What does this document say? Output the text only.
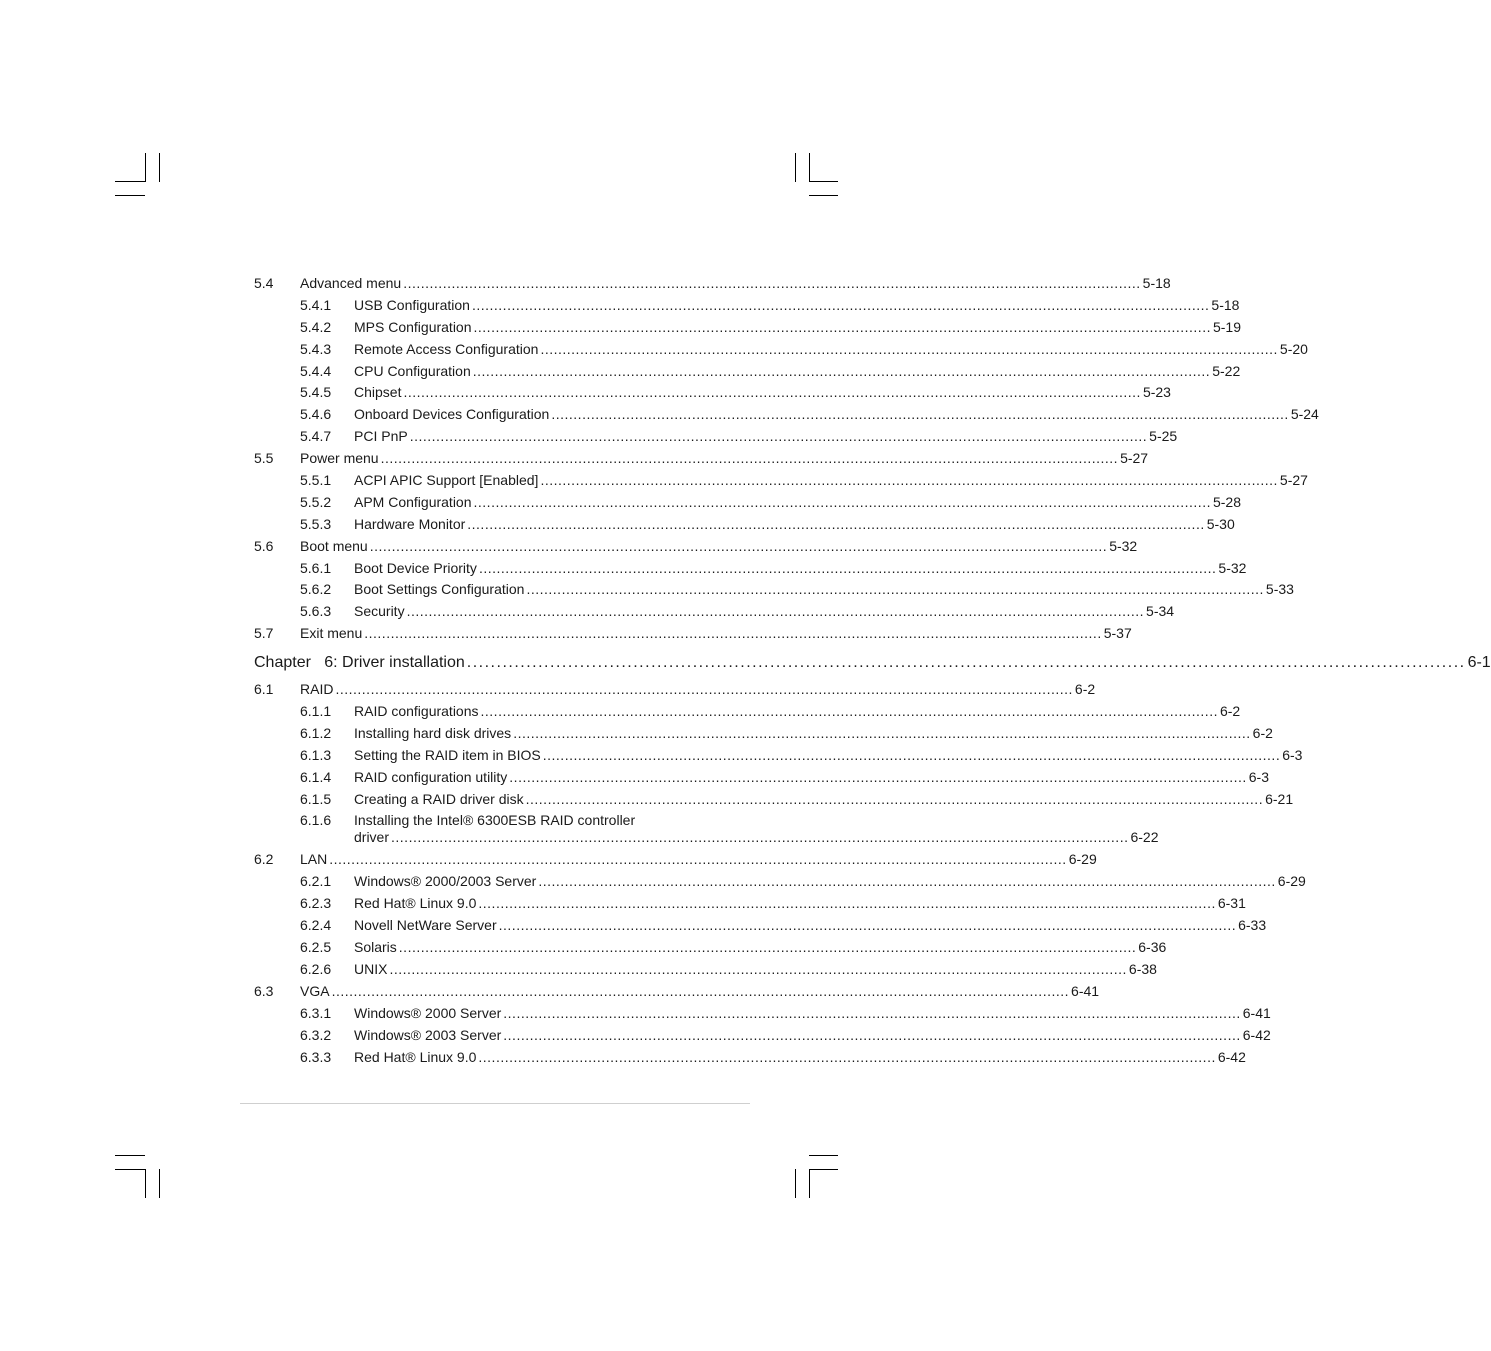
5.4	Advanced menu .....	5-18
5.4.1	USB Configuration .....	5-18
5.4.2	MPS Configuration .....	5-19
5.4.3	Remote Access Configuration .....	5-20
5.4.4	CPU Configuration .....	5-22
5.4.5	Chipset .....	5-23
5.4.6	Onboard Devices Configuration .....	5-24
5.4.7	PCI PnP .....	5-25
5.5	Power menu .....	5-27
5.5.1	ACPI APIC Support [Enabled] .....	5-27
5.5.2	APM Configuration .....	5-28
5.5.3	Hardware Monitor .....	5-30
5.6	Boot menu .....	5-32
5.6.1	Boot Device Priority .....	5-32
5.6.2	Boot Settings Configuration .....	5-33
5.6.3	Security .....	5-34
5.7	Exit menu .....	5-37
Chapter   6: Driver installation .....	6-1
6.1	RAID .....	6-2
6.1.1	RAID configurations .....	6-2
6.1.2	Installing hard disk drives .....	6-2
6.1.3	Setting the RAID item in BIOS .....	6-3
6.1.4	RAID configuration utility .....	6-3
6.1.5	Creating a RAID driver disk .....	6-21
6.1.6	Installing the Intel® 6300ESB RAID controller
driver .....	6-22
6.2	LAN .....	6-29
6.2.1	Windows® 2000/2003 Server .....	6-29
6.2.3	Red Hat® Linux 9.0 .....	6-31
6.2.4	Novell NetWare Server .....	6-33
6.2.5	Solaris .....	6-36
6.2.6	UNIX .....	6-38
6.3	VGA .....	6-41
6.3.1	Windows® 2000 Server .....	6-41
6.3.2	Windows® 2003 Server .....	6-42
6.3.3	Red Hat® Linux 9.0 .....	6-42
